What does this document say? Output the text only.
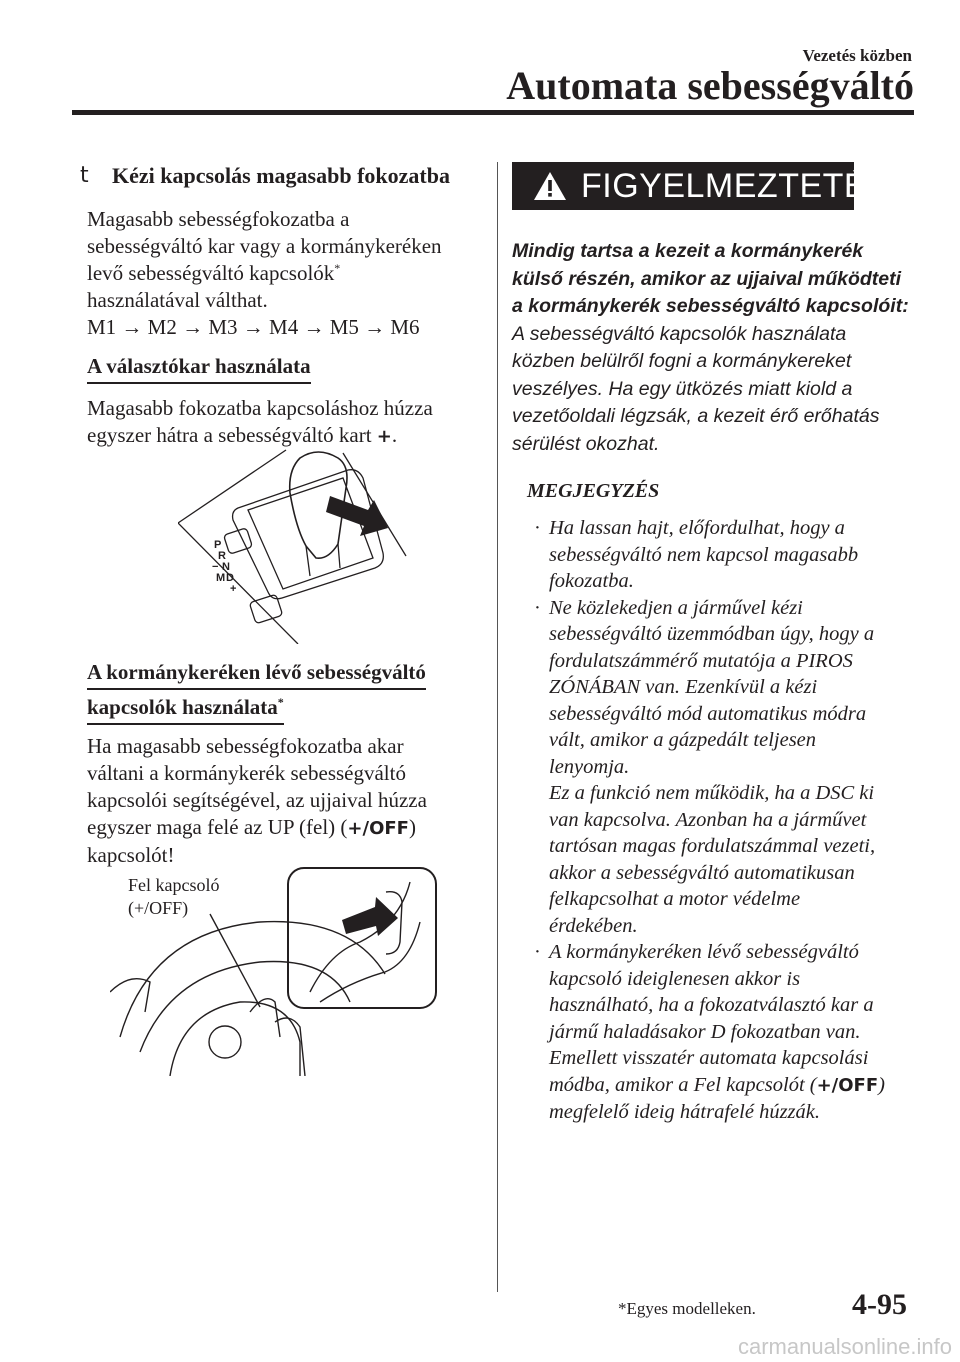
Vezetés közben
Automata sebességváltó
t Kézi kapcsolás magasabb fokozatba
Magasabb sebességfokozatba a
sebességváltó kar vagy a kormánykeréken
levő sebességváltó kapcsolók*
használatával válthat.
M1 → M2 → M3 → M4 → M5 → M6
A választókar használata
Magasabb fokozatba kapcsoláshoz húzza
egyszer hátra a sebességváltó kart +.
P
R
N
D
M
+
−
A kormánykeréken lévő sebességváltó
kapcsolók használata*
Ha magasabb sebességfokozatba akar
váltani a kormánykerék sebességváltó
kapcsolói segítségével, az ujjaival húzza
egyszer maga felé az UP (fel) (+/OFF)
kapcsolót!
Fel kapcsoló
(+/OFF)
FIGYELMEZTETÉS
Mindig tartsa a kezeit a kormánykerék
külső részén, amikor az ujjaival működteti
a kormánykerék sebességváltó kapcsolóit:
A sebességváltó kapcsolók használata
közben belülről fogni a kormánykereket
veszélyes. Ha egy ütközés miatt kiold a
vezetőoldali légzsák, a kezeit érő erőhatás
sérülést okozhat.
MEGJEGYZÉS
· Ha lassan hajt, előfordulhat, hogy a
sebességváltó nem kapcsol magasabb
fokozatba.
· Ne közlekedjen a járművel kézi
sebességváltó üzemmódban úgy, hogy a
fordulatszámmérő mutatója a PIROS
ZÓNÁBAN van. Ezenkívül a kézi
sebességváltó mód automatikus módra
vált, amikor a gázpedált teljesen
lenyomja.
Ez a funkció nem működik, ha a DSC ki
van kapcsolva. Azonban ha a járművet
tartósan magas fordulatszámmal vezeti,
akkor a sebességváltó automatikusan
felkapcsolhat a motor védelme
érdekében.
· A kormánykeréken lévő sebességváltó
kapcsoló ideiglenesen akkor is
használható, ha a fokozatválasztó kar a
jármű haladásakor D fokozatban van.
Emellett visszatér automata kapcsolási
módba, amikor a Fel kapcsolót (+/OFF)
megfelelő ideig hátrafelé húzzák.
*Egyes modelleken.	4-95
carmanualsonline.info
